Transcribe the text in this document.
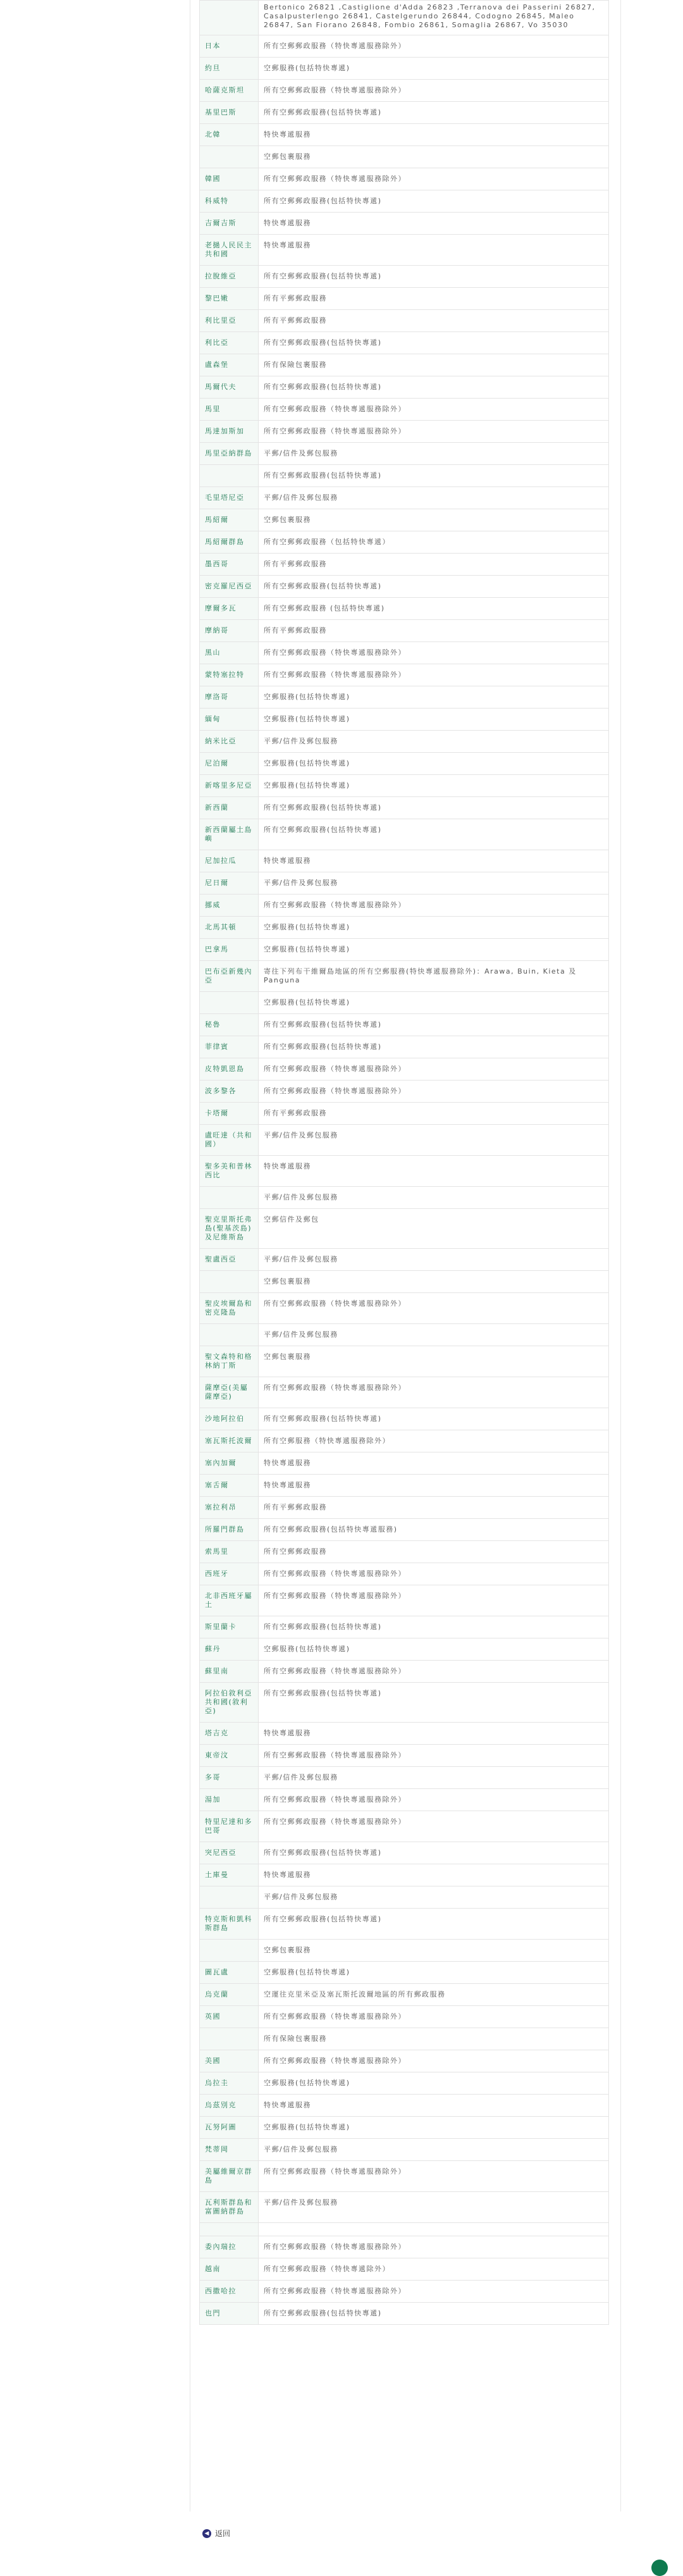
	Bertonico 26821 ,Castiglione d'Adda 26823 ,Terranova dei Passerini 26827, Casalpusterlengo 26841, Castelgerundo 26844, Codogno 26845, Maleo 26847, San Fiorano 26848, Fombio 26861, Somaglia 26867, Vo 35030
日本	所有空郵郵政服務（特快專遞服務除外）
約旦	空郵服務(包括特快專遞)
哈薩克斯坦	所有空郵郵政服務（特快專遞服務除外）
基里巴斯	所有空郵郵政服務(包括特快專遞)
北韓	特快專遞服務
	空郵包裹服務
韓國	所有空郵郵政服務（特快專遞服務除外）
科威特	所有空郵郵政服務(包括特快專遞)
吉爾吉斯	特快專遞服務
老撾人民民主共和國	特快專遞服務
拉脫維亞	所有空郵郵政服務(包括特快專遞)
黎巴嫩	所有平郵郵政服務
利比里亞	所有平郵郵政服務
利比亞	所有空郵郵政服務(包括特快專遞)
盧森堡	所有保險包裹服務
馬爾代夫	所有空郵郵政服務(包括特快專遞)
馬里	所有空郵郵政服務（特快專遞服務除外）
馬達加斯加	所有空郵郵政服務（特快專遞服務除外）
馬里亞納群島	平郵/信件及郵包服務
	所有空郵郵政服務(包括特快專遞)
毛里塔尼亞	平郵/信件及郵包服務
馬紹爾	空郵包裹服務
馬紹爾群島	所有空郵郵政服務（包括特快專遞）
墨西哥	所有平郵郵政服務
密克羅尼西亞	所有空郵郵政服務(包括特快專遞)
摩爾多瓦	所有空郵郵政服務 (包括特快專遞)
摩納哥	所有平郵郵政服務
黑山	所有空郵郵政服務（特快專遞服務除外）
蒙特塞拉特	所有空郵郵政服務（特快專遞服務除外）
摩洛哥	空郵服務(包括特快專遞)
緬甸	空郵服務(包括特快專遞)
納米比亞	平郵/信件及郵包服務
尼泊爾	空郵服務(包括特快專遞)
新喀里多尼亞	空郵服務(包括特快專遞)
新西蘭	所有空郵郵政服務(包括特快專遞)
新西蘭屬土島嶼	所有空郵郵政服務(包括特快專遞)
尼加拉瓜	特快專遞服務
尼日爾	平郵/信件及郵包服務
挪威	所有空郵郵政服務（特快專遞服務除外）
北馬其頓	空郵服務(包括特快專遞)
巴拿馬	空郵服務(包括特快專遞)
巴布亞新幾內亞	寄往下列布干維爾島地區的所有空郵服務(特快專遞服務除外)：Arawa, Buin, Kieta 及 Panguna
	空郵服務(包括特快專遞)
秘魯	所有空郵郵政服務(包括特快專遞)
菲律賓	所有空郵郵政服務(包括特快專遞)
皮特凱恩島	所有空郵郵政服務（特快專遞服務除外）
波多黎各	所有空郵郵政服務（特快專遞服務除外）
卡塔爾	所有平郵郵政服務
盧旺達（共和國）	平郵/信件及郵包服務
聖多美和普林西比	特快專遞服務
	平郵/信件及郵包服務
聖克里斯托弗島(聖基茨島)及尼維斯島	空郵信件及郵包
聖盧西亞	平郵/信件及郵包服務
	空郵包裹服務
聖皮埃爾島和密克隆島	所有空郵郵政服務（特快專遞服務除外）
	平郵/信件及郵包服務
聖文森特和格林納丁斯	空郵包裹服務
薩摩亞(美屬薩摩亞)	所有空郵郵政服務（特快專遞服務除外）
沙地阿拉伯	所有空郵郵政服務(包括特快專遞)
塞瓦斯托波爾	所有空郵服務（特快專遞服務除外）
塞內加爾	特快專遞服務
塞舌爾	特快專遞服務
塞拉利昂	所有平郵郵政服務
所羅門群島	所有空郵郵政服務(包括特快專遞服務)
索馬里	所有空郵郵政服務
西班牙	所有空郵郵政服務（特快專遞服務除外）
北非西班牙屬土	所有空郵郵政服務（特快專遞服務除外）
斯里蘭卡	所有空郵郵政服務(包括特快專遞)
蘇丹	空郵服務(包括特快專遞)
蘇里南	所有空郵郵政服務（特快專遞服務除外）
阿拉伯敘利亞共和國(敘利亞)	所有空郵郵政服務(包括特快專遞)
塔吉克	特快專遞服務
東帝汶	所有空郵郵政服務（特快專遞服務除外）
多哥	平郵/信件及郵包服務
湯加	所有空郵郵政服務（特快專遞服務除外）
特里尼達和多巴哥	所有空郵郵政服務（特快專遞服務除外）
突尼西亞	所有空郵郵政服務(包括特快專遞)
土庫曼	特快專遞服務
	平郵/信件及郵包服務
特克斯和凱科斯群島	所有空郵郵政服務(包括特快專遞)
	空郵包裹服務
圖瓦盧	空郵服務(包括特快專遞)
烏克蘭	空運往克里米亞及塞瓦斯托波爾地區的所有郵政服務
英國	所有空郵郵政服務（特快專遞服務除外）
	所有保險包裹服務
美國	所有空郵郵政服務（特快專遞服務除外）
烏拉圭	空郵服務(包括特快專遞)
烏茲別克	特快專遞服務
瓦努阿圖	空郵服務(包括特快專遞)
梵蒂岡	平郵/信件及郵包服務
美屬維爾京群島	所有空郵郵政服務（特快專遞服務除外）
瓦利斯群島和富圖納群島	平郵/信件及郵包服務

委內瑞拉	所有空郵郵政服務（特快專遞服務除外）
越南	所有空郵郵政服務（特快專遞除外）
西撒哈拉	所有空郵郵政服務（特快專遞服務除外）
也門	所有空郵郵政服務(包括特快專遞)
◀ 返回
